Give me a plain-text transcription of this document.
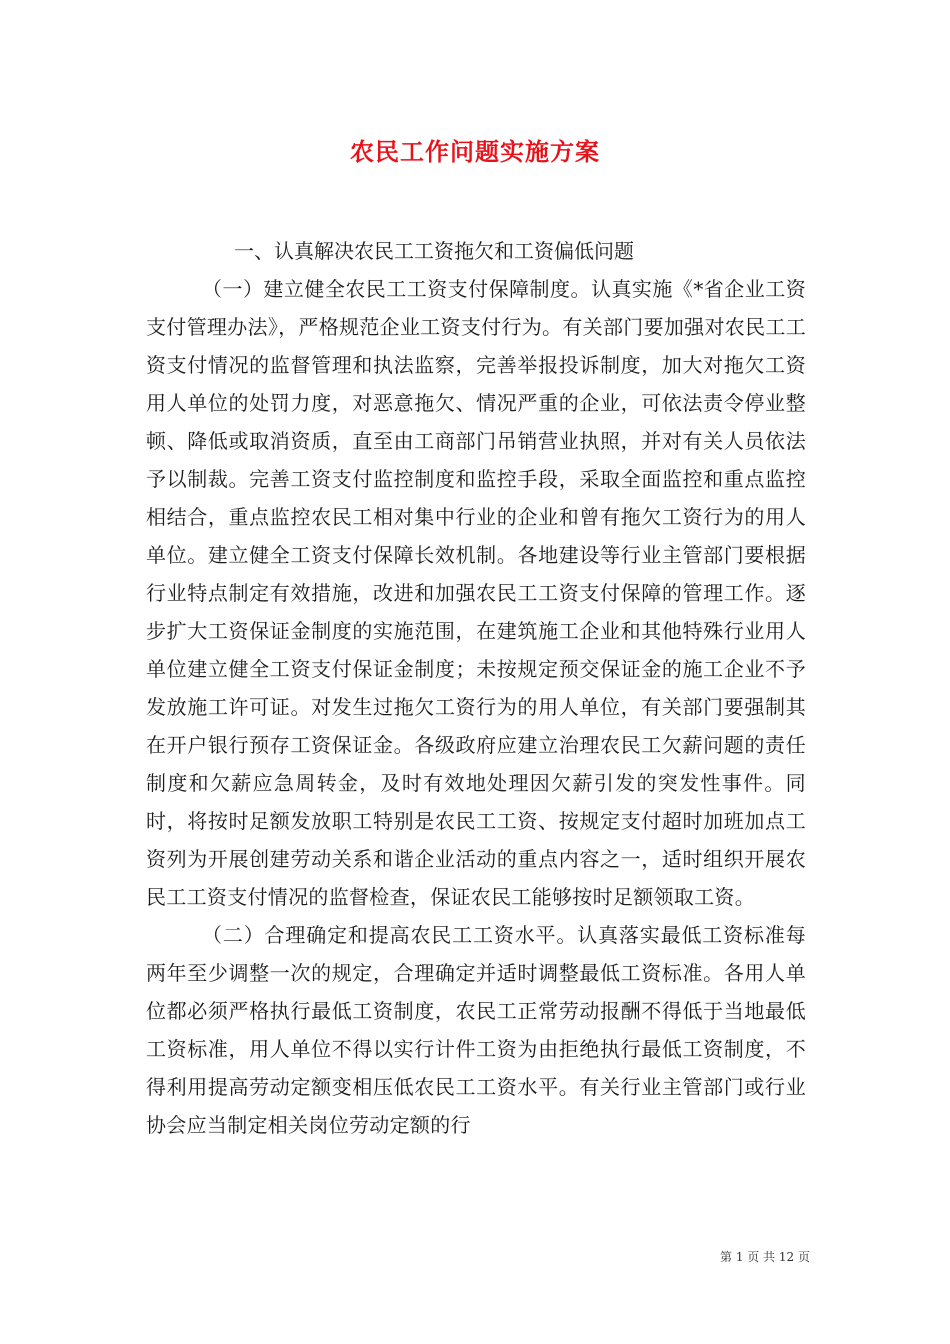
农民工作问题实施方案

一、认真解决农民工工资拖欠和工资偏低问题

（一）建立健全农民工工资支付保障制度。认真实施《*省企业工资支付管理办法》，严格规范企业工资支付行为。有关部门要加强对农民工工资支付情况的监督管理和执法监察，完善举报投诉制度，加大对拖欠工资用人单位的处罚力度，对恶意拖欠、情况严重的企业，可依法责令停业整顿、降低或取消资质，直至由工商部门吊销营业执照，并对有关人员依法予以制裁。完善工资支付监控制度和监控手段，采取全面监控和重点监控相结合，重点监控农民工相对集中行业的企业和曾有拖欠工资行为的用人单位。建立健全工资支付保障长效机制。各地建设等行业主管部门要根据行业特点制定有效措施，改进和加强农民工工资支付保障的管理工作。逐步扩大工资保证金制度的实施范围，在建筑施工企业和其他特殊行业用人单位建立健全工资支付保证金制度；未按规定预交保证金的施工企业不予发放施工许可证。对发生过拖欠工资行为的用人单位，有关部门要强制其在开户银行预存工资保证金。各级政府应建立治理农民工欠薪问题的责任制度和欠薪应急周转金，及时有效地处理因欠薪引发的突发性事件。同时，将按时足额发放职工特别是农民工工资、按规定支付超时加班加点工资列为开展创建劳动关系和谐企业活动的重点内容之一，适时组织开展农民工工资支付情况的监督检查，保证农民工能够按时足额领取工资。

（二）合理确定和提高农民工工资水平。认真落实最低工资标准每两年至少调整一次的规定，合理确定并适时调整最低工资标准。各用人单位都必须严格执行最低工资制度，农民工正常劳动报酬不得低于当地最低工资标准，用人单位不得以实行计件工资为由拒绝执行最低工资制度，不得利用提高劳动定额变相压低农民工工资水平。有关行业主管部门或行业协会应当制定相关岗位劳动定额的行

第 1 页 共 12 页
